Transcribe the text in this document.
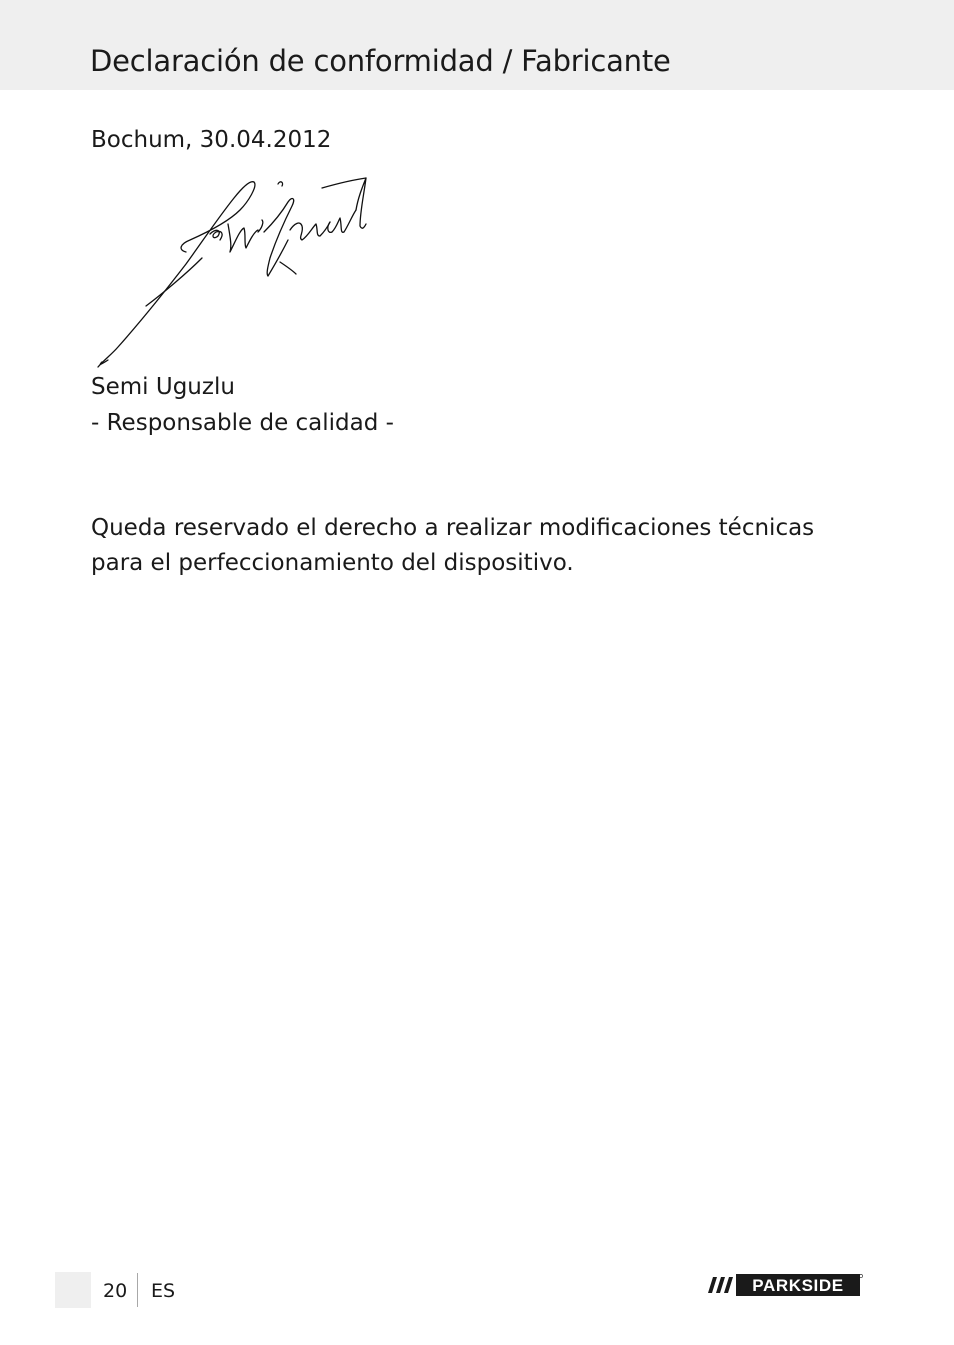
Declaración de conformidad / Fabricante
Bochum, 30.04.2012
Semi Uguzlu
- Responsable de calidad -
Queda reservado el derecho a realizar modificaciones técnicas para el perfeccionamiento del dispositivo.
20 ES	PARKSIDE
